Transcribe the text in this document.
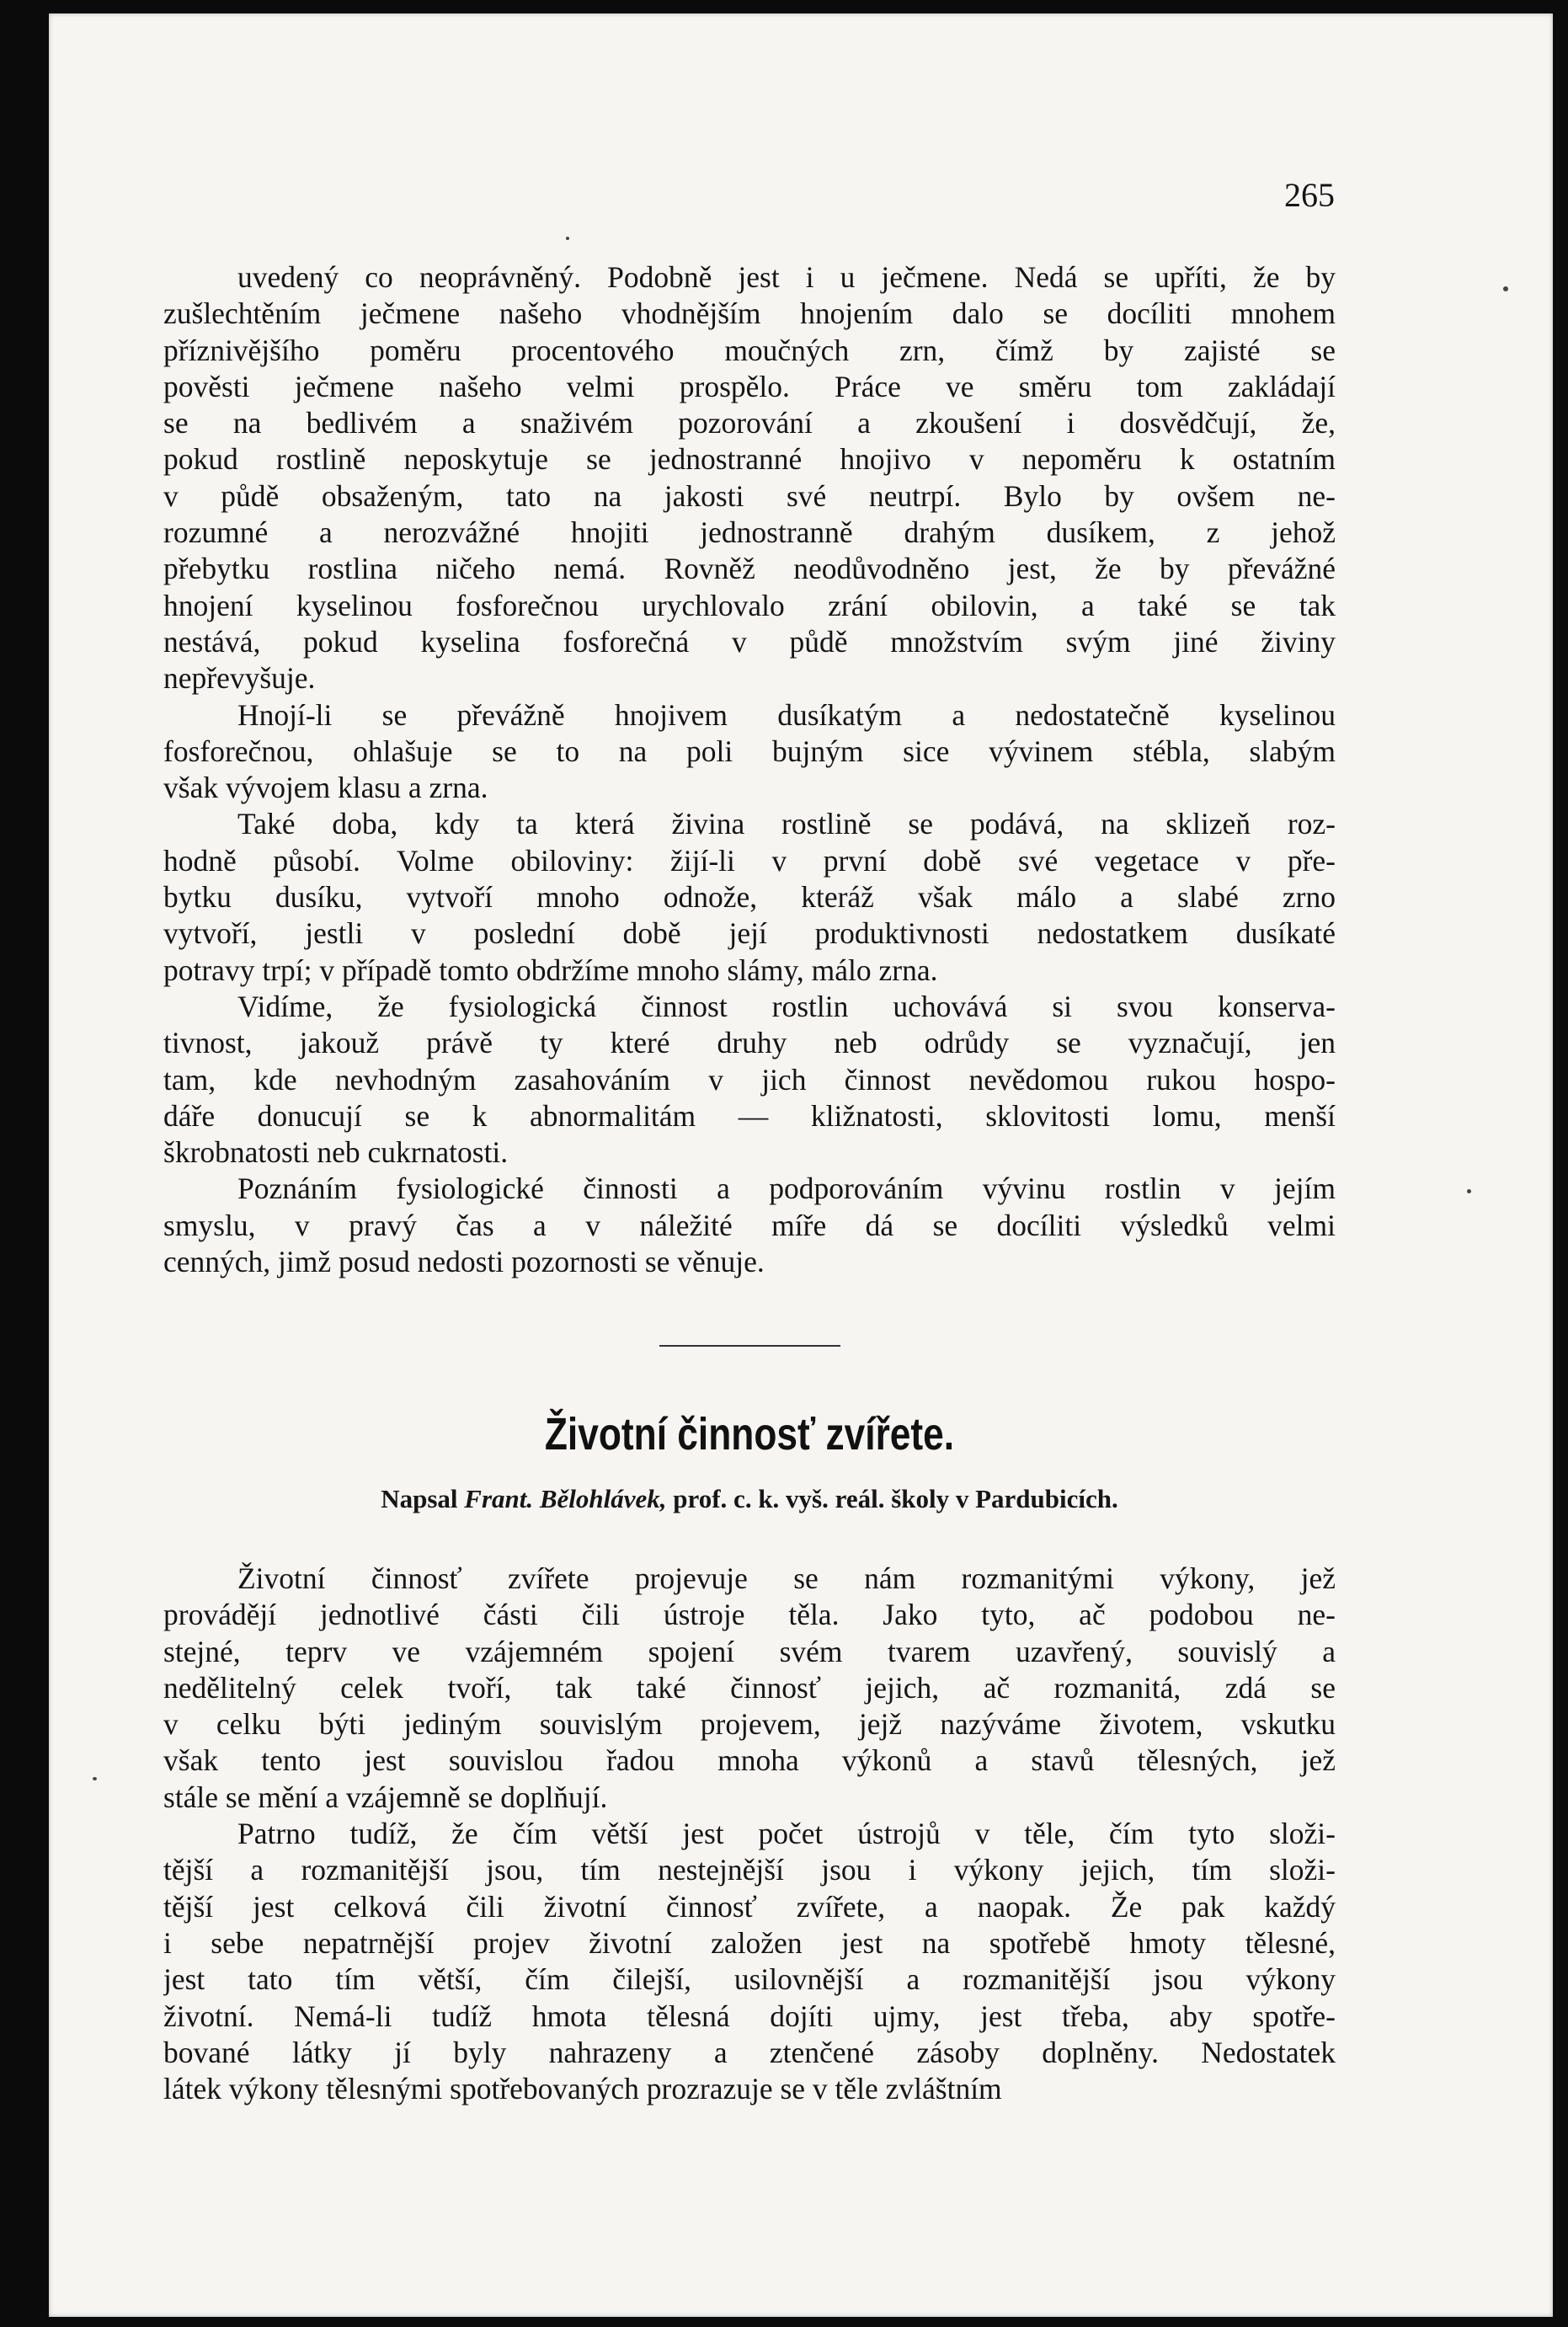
265

uvedený co neoprávněný. Podobně jest i u ječmene. Nedá se upříti, že by
zušlechtěním ječmene našeho vhodnějším hnojením dalo se docíliti mnohem
příznivějšího poměru procentového moučných zrn, čímž by zajisté se
pověsti ječmene našeho velmi prospělo. Práce ve směru tom zakládají
se na bedlivém a snaživém pozorování a zkoušení i dosvědčují, že,
pokud rostlině neposkytuje se jednostranné hnojivo v nepoměru k ostatním
v půdě obsaženým, tato na jakosti své neutrpí. Bylo by ovšem ne-
rozumné a nerozvážné hnojiti jednostranně drahým dusíkem, z jehož
přebytku rostlina ničeho nemá. Rovněž neodůvodněno jest, že by převážné
hnojení kyselinou fosforečnou urychlovalo zrání obilovin, a také se tak
nestává, pokud kyselina fosforečná v půdě množstvím svým jiné živiny
nepřevyšuje.

Hnojí-li se převážně hnojivem dusíkatým a nedostatečně kyselinou
fosforečnou, ohlašuje se to na poli bujným sice vývinem stébla, slabým
však vývojem klasu a zrna.

Také doba, kdy ta která živina rostlině se podává, na sklizeň roz-
hodně působí. Volme obiloviny: žijí-li v první době své vegetace v pře-
bytku dusíku, vytvoří mnoho odnože, kteráž však málo a slabé zrno
vytvoří, jestli v poslední době její produktivnosti nedostatkem dusíkaté
potravy trpí; v případě tomto obdržíme mnoho slámy, málo zrna.

Vidíme, že fysiologická činnost rostlin uchovává si svou konserva-
tivnost, jakouž právě ty které druhy neb odrůdy se vyznačují, jen
tam, kde nevhodným zasahováním v jich činnost nevědomou rukou hospo-
dáře donucují se k abnormalitám — kližnatosti, sklovitosti lomu, menší
škrobnatosti neb cukrnatosti.

Poznáním fysiologické činnosti a podporováním vývinu rostlin v jejím
smyslu, v pravý čas a v náležité míře dá se docíliti výsledků velmi
cenných, jimž posud nedosti pozornosti se věnuje.

Životní činnosť zvířete.
Napsal Frant. Bělohlávek, prof. c. k. vyš. reál. školy v Pardubicích.

Životní činnosť zvířete projevuje se nám rozmanitými výkony, jež
provádějí jednotlivé části čili ústroje těla. Jako tyto, ač podobou ne-
stejné, teprv ve vzájemném spojení svém tvarem uzavřený, souvislý a
nedělitelný celek tvoří, tak také činnosť jejich, ač rozmanitá, zdá se
v celku býti jediným souvislým projevem, jejž nazýváme životem, vskutku
však tento jest souvislou řadou mnoha výkonů a stavů tělesných, jež
stále se mění a vzájemně se doplňují.

Patrno tudíž, že čím větší jest počet ústrojů v těle, čím tyto složi-
tější a rozmanitější jsou, tím nestejnější jsou i výkony jejich, tím složi-
tější jest celková čili životní činnosť zvířete, a naopak. Že pak každý
i sebe nepatrnější projev životní založen jest na spotřebě hmoty tělesné,
jest tato tím větší, čím čilejší, usilovnější a rozmanitější jsou výkony
životní. Nemá-li tudíž hmota tělesná dojíti ujmy, jest třeba, aby spotře-
bované látky jí byly nahrazeny a ztenčené zásoby doplněny. Nedostatek
látek výkony tělesnými spotřebovaných prozrazuje se v těle zvláštním
